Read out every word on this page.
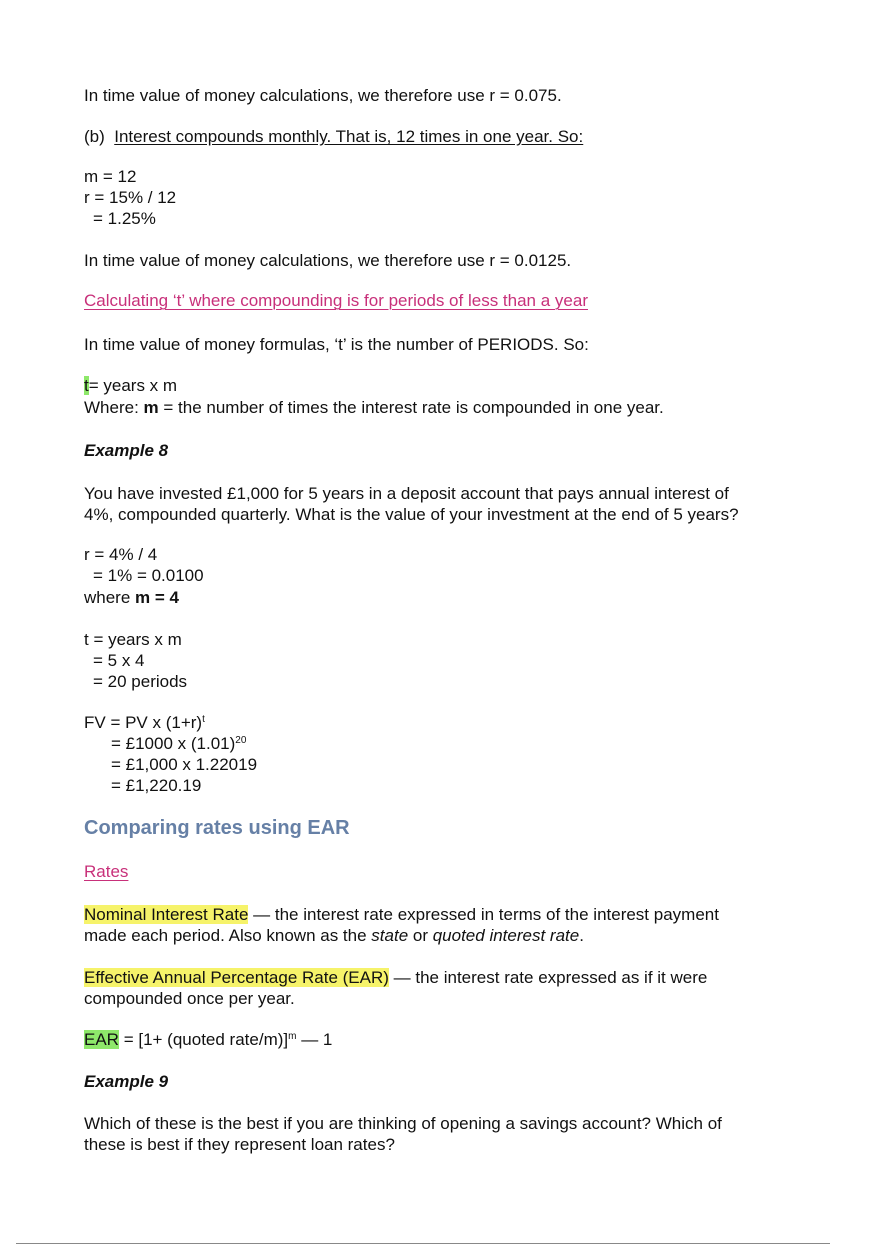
In time value of money calculations, we therefore use r = 0.075.
(b) Interest compounds monthly. That is, 12 times in one year. So:
m = 12
r = 15% / 12
= 1.25%
In time value of money calculations, we therefore use r = 0.0125.
Calculating ‘t’ where compounding is for periods of less than a year
In time value of money formulas, ‘t’ is the number of PERIODS. So:
t= years x m
Where: m = the number of times the interest rate is compounded in one year.
Example 8
You have invested £1,000 for 5 years in a deposit account that pays annual interest of
4%, compounded quarterly. What is the value of your investment at the end of 5 years?
r = 4% / 4
= 1% = 0.0100
where m = 4
t = years x m
= 5 x 4
= 20 periods
FV = PV x $(1+r)^t$
= £1000 x $(1.01)^{20}$
= £1,000 x 1.22019
= £1,220.19
Comparing rates using EAR
Rates
Nominal Interest Rate — the interest rate expressed in terms of the interest payment
made each period. Also known as the state or quoted interest rate.
Effective Annual Percentage Rate (EAR) — the interest rate expressed as if it were
compounded once per year.
EAR = [1+ (quoted rate/m)]$^m$ — 1
Example 9
Which of these is the best if you are thinking of opening a savings account? Which of
these is best if they represent loan rates?
